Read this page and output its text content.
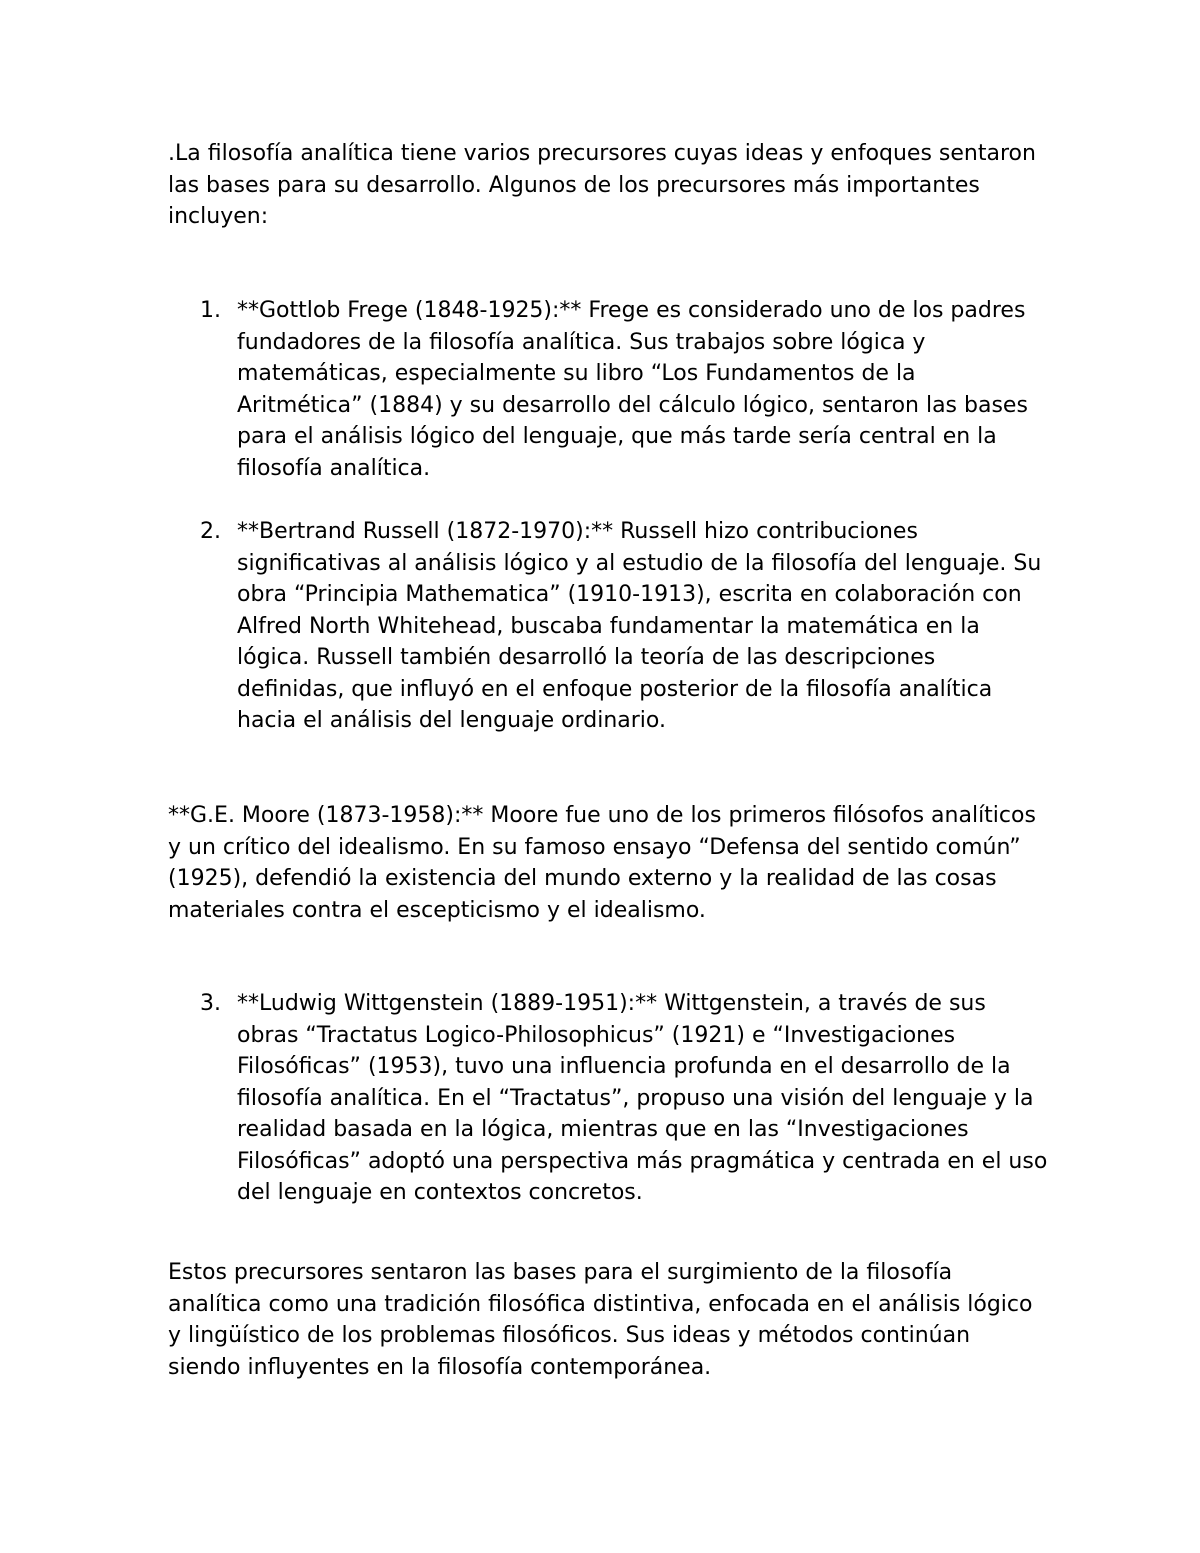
.La filosofía analítica tiene varios precursores cuyas ideas y enfoques sentaron las bases para su desarrollo. Algunos de los precursores más importantes incluyen:

1. **Gottlob Frege (1848-1925):** Frege es considerado uno de los padres fundadores de la filosofía analítica. Sus trabajos sobre lógica y matemáticas, especialmente su libro “Los Fundamentos de la Aritmética” (1884) y su desarrollo del cálculo lógico, sentaron las bases para el análisis lógico del lenguaje, que más tarde sería central en la filosofía analítica.
2. **Bertrand Russell (1872-1970):** Russell hizo contribuciones significativas al análisis lógico y al estudio de la filosofía del lenguaje. Su obra “Principia Mathematica” (1910-1913), escrita en colaboración con Alfred North Whitehead, buscaba fundamentar la matemática en la lógica. Russell también desarrolló la teoría de las descripciones definidas, que influyó en el enfoque posterior de la filosofía analítica hacia el análisis del lenguaje ordinario.

**G.E. Moore (1873-1958):** Moore fue uno de los primeros filósofos analíticos y un crítico del idealismo. En su famoso ensayo “Defensa del sentido común” (1925), defendió la existencia del mundo externo y la realidad de las cosas materiales contra el escepticismo y el idealismo.

3. **Ludwig Wittgenstein (1889-1951):** Wittgenstein, a través de sus obras “Tractatus Logico-Philosophicus” (1921) e “Investigaciones Filosóficas” (1953), tuvo una influencia profunda en el desarrollo de la filosofía analítica. En el “Tractatus”, propuso una visión del lenguaje y la realidad basada en la lógica, mientras que en las “Investigaciones Filosóficas” adoptó una perspectiva más pragmática y centrada en el uso del lenguaje en contextos concretos.

Estos precursores sentaron las bases para el surgimiento de la filosofía analítica como una tradición filosófica distintiva, enfocada en el análisis lógico y lingüístico de los problemas filosóficos. Sus ideas y métodos continúan siendo influyentes en la filosofía contemporánea.
